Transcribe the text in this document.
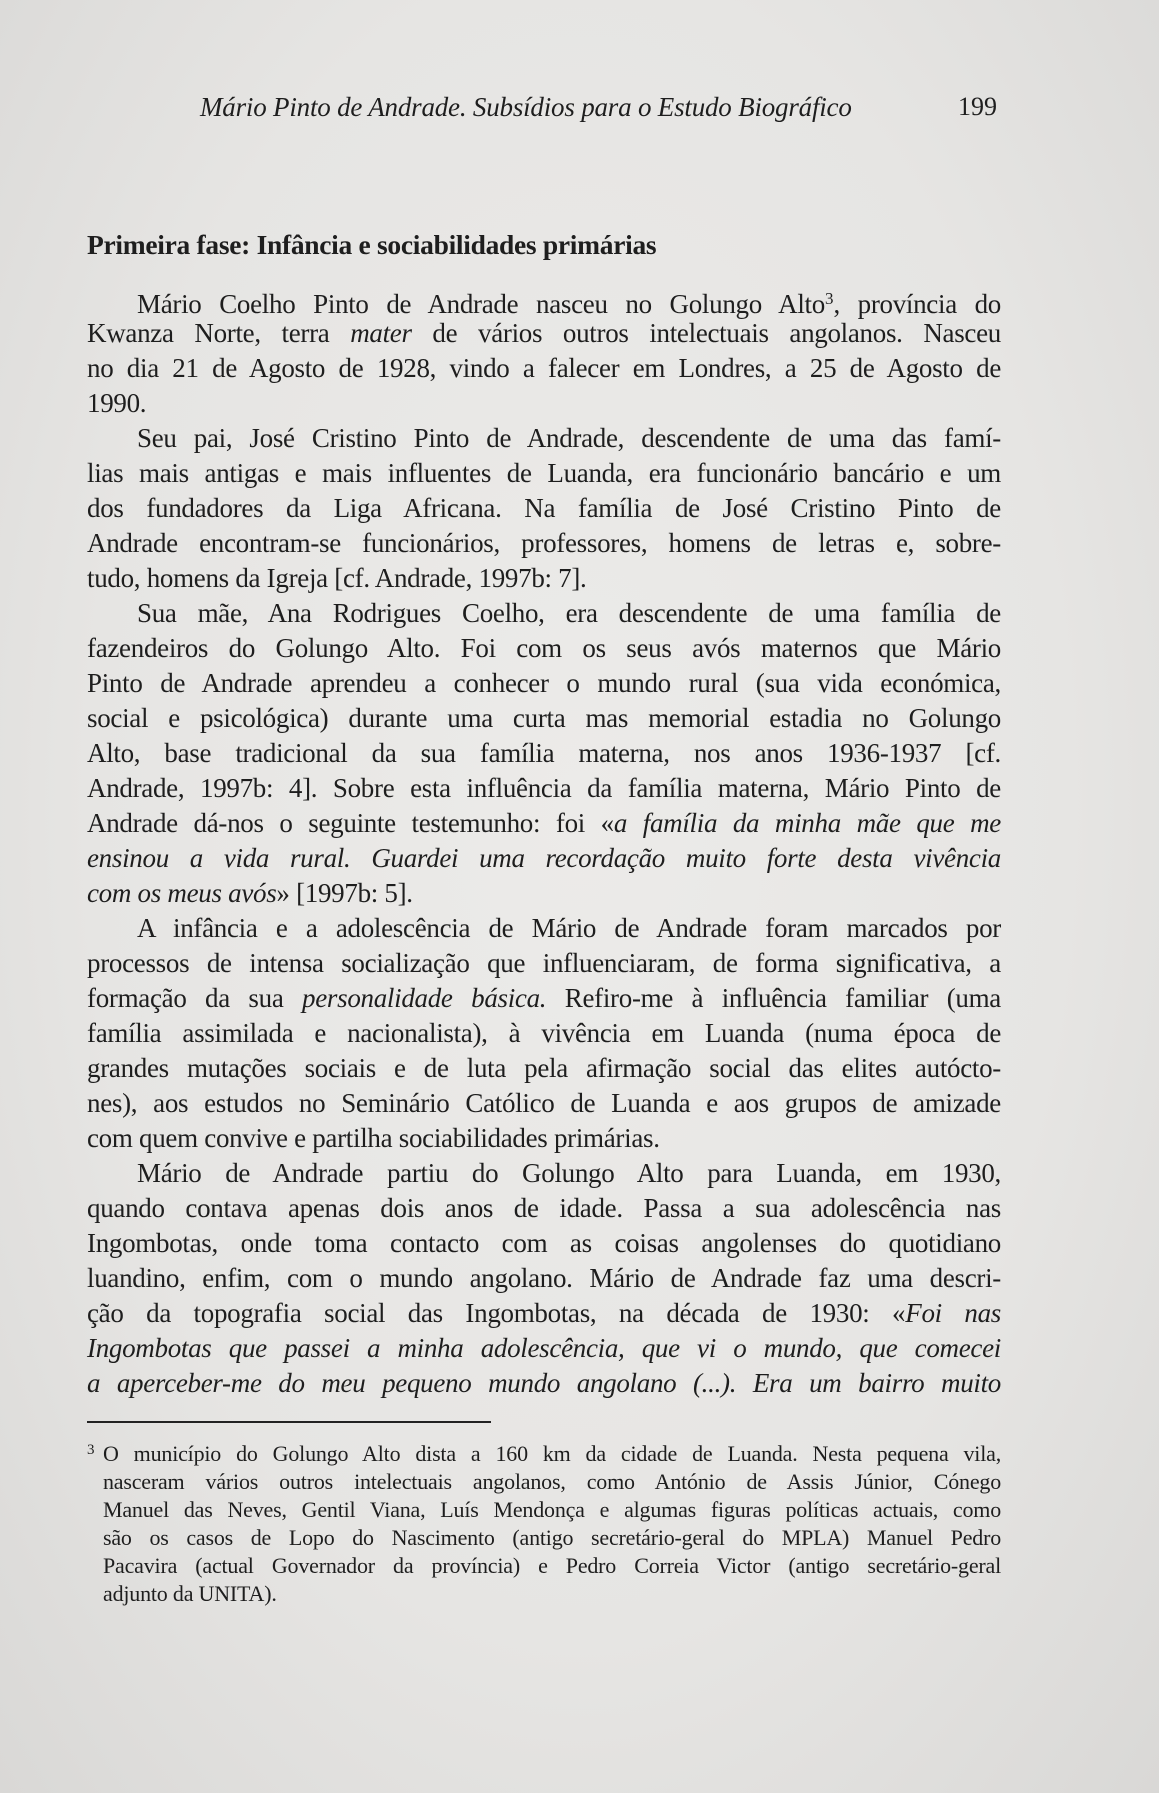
Mário Pinto de Andrade. Subsídios para o Estudo Biográfico	199
Primeira fase: Infância e sociabilidades primárias
Mário Coelho Pinto de Andrade nasceu no Golungo Alto$^3$, província do
Kwanza Norte, terra mater de vários outros intelectuais angolanos. Nasceu
no dia 21 de Agosto de 1928, vindo a falecer em Londres, a 25 de Agosto de
1990.
Seu pai, José Cristino Pinto de Andrade, descendente de uma das famí-
lias mais antigas e mais influentes de Luanda, era funcionário bancário e um
dos fundadores da Liga Africana. Na família de José Cristino Pinto de
Andrade encontram-se funcionários, professores, homens de letras e, sobre-
tudo, homens da Igreja [cf. Andrade, 1997b: 7].
Sua mãe, Ana Rodrigues Coelho, era descendente de uma família de
fazendeiros do Golungo Alto. Foi com os seus avós maternos que Mário
Pinto de Andrade aprendeu a conhecer o mundo rural (sua vida económica,
social e psicológica) durante uma curta mas memorial estadia no Golungo
Alto, base tradicional da sua família materna, nos anos 1936-1937 [cf.
Andrade, 1997b: 4]. Sobre esta influência da família materna, Mário Pinto de
Andrade dá-nos o seguinte testemunho: foi «a família da minha mãe que me
ensinou a vida rural. Guardei uma recordação muito forte desta vivência
com os meus avós» [1997b: 5].
A infância e a adolescência de Mário de Andrade foram marcados por
processos de intensa socialização que influenciaram, de forma significativa, a
formação da sua personalidade básica. Refiro-me à influência familiar (uma
família assimilada e nacionalista), à vivência em Luanda (numa época de
grandes mutações sociais e de luta pela afirmação social das elites autócto-
nes), aos estudos no Seminário Católico de Luanda e aos grupos de amizade
com quem convive e partilha sociabilidades primárias.
Mário de Andrade partiu do Golungo Alto para Luanda, em 1930,
quando contava apenas dois anos de idade. Passa a sua adolescência nas
Ingombotas, onde toma contacto com as coisas angolenses do quotidiano
luandino, enfim, com o mundo angolano. Mário de Andrade faz uma descri-
ção da topografia social das Ingombotas, na década de 1930: «Foi nas
Ingombotas que passei a minha adolescência, que vi o mundo, que comecei
a aperceber-me do meu pequeno mundo angolano (...). Era um bairro muito
3 O município do Golungo Alto dista a 160 km da cidade de Luanda. Nesta pequena vila,
nasceram vários outros intelectuais angolanos, como António de Assis Júnior, Cónego
Manuel das Neves, Gentil Viana, Luís Mendonça e algumas figuras políticas actuais, como
são os casos de Lopo do Nascimento (antigo secretário-geral do MPLA) Manuel Pedro
Pacavira (actual Governador da província) e Pedro Correia Victor (antigo secretário-geral
adjunto da UNITA).
